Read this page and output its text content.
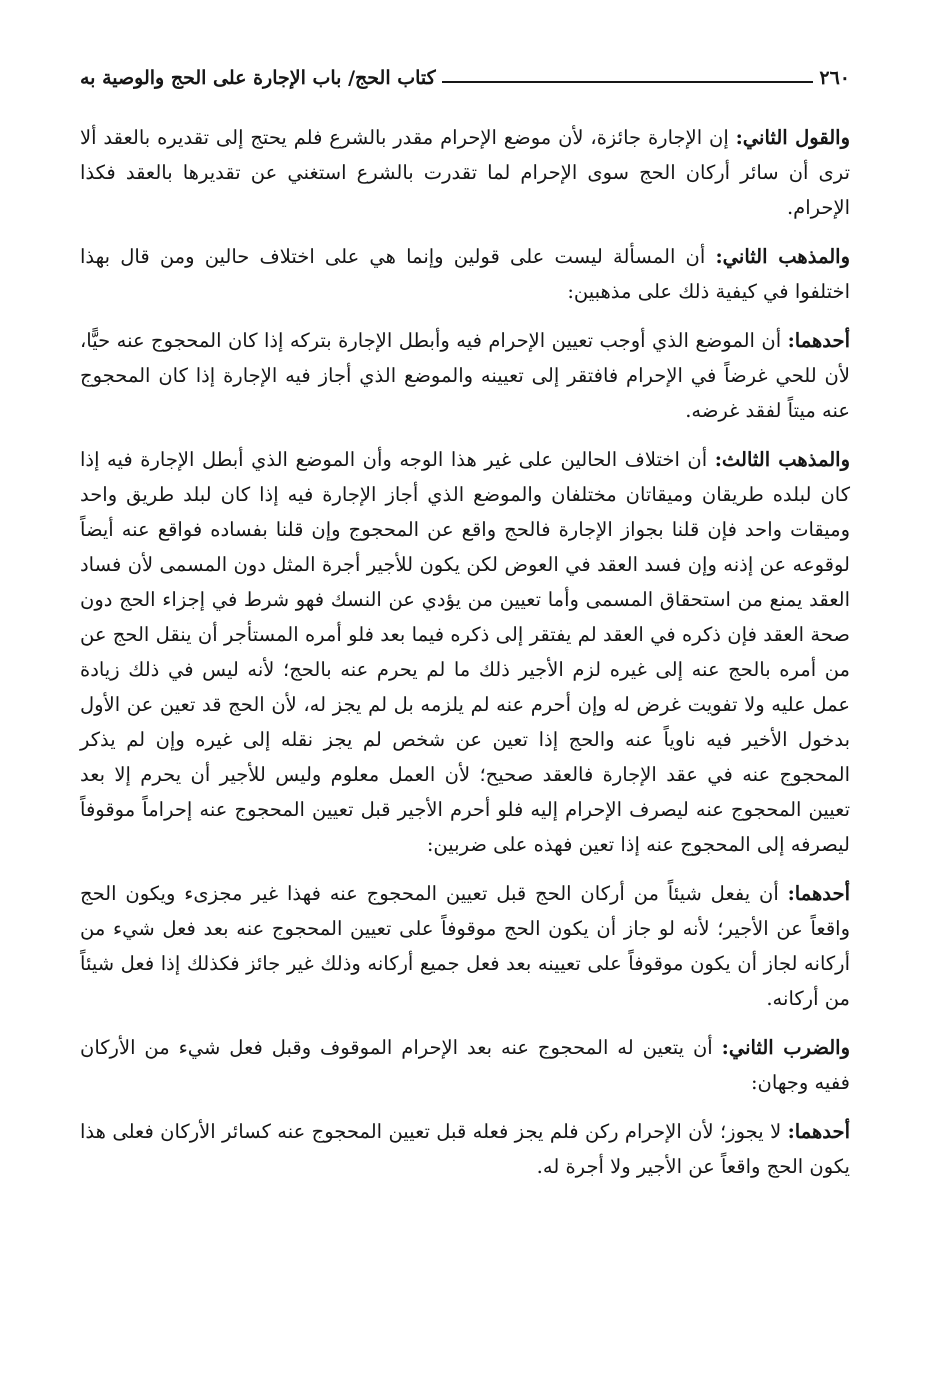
٢٦٠
كتاب الحج/ باب الإجارة على الحج والوصية به

والقول الثاني: إن الإجارة جائزة، لأن موضع الإحرام مقدر بالشرع فلم يحتج إلى تقديره بالعقد ألا ترى أن سائر أركان الحج سوى الإحرام لما تقدرت بالشرع استغني عن تقديرها بالعقد فكذا الإحرام.

والمذهب الثاني: أن المسألة ليست على قولين وإنما هي على اختلاف حالين ومن قال بهذا اختلفوا في كيفية ذلك على مذهبين:

أحدهما: أن الموضع الذي أوجب تعيين الإحرام فيه وأبطل الإجارة بتركه إذا كان المحجوج عنه حيًّا، لأن للحي غرضاً في الإحرام فافتقر إلى تعيينه والموضع الذي أجاز فيه الإجارة إذا كان المحجوج عنه ميتاً لفقد غرضه.

والمذهب الثالث: أن اختلاف الحالين على غير هذا الوجه وأن الموضع الذي أبطل الإجارة فيه إذا كان لبلده طريقان وميقاتان مختلفان والموضع الذي أجاز الإجارة فيه إذا كان لبلد طريق واحد وميقات واحد فإن قلنا بجواز الإجارة فالحج واقع عن المحجوج وإن قلنا بفساده فواقع عنه أيضاً لوقوعه عن إذنه وإن فسد العقد في العوض لكن يكون للأجير أجرة المثل دون المسمى لأن فساد العقد يمنع من استحقاق المسمى وأما تعيين من يؤدي عن النسك فهو شرط في إجزاء الحج دون صحة العقد فإن ذكره في العقد لم يفتقر إلى ذكره فيما بعد فلو أمره المستأجر أن ينقل الحج عن من أمره بالحج عنه إلى غيره لزم الأجير ذلك ما لم يحرم عنه بالحج؛ لأنه ليس في ذلك زيادة عمل عليه ولا تفويت غرض له وإن أحرم عنه لم يلزمه بل لم يجز له، لأن الحج قد تعين عن الأول بدخول الأخير فيه ناوياً عنه والحج إذا تعين عن شخص لم يجز نقله إلى غيره وإن لم يذكر المحجوج عنه في عقد الإجارة فالعقد صحيح؛ لأن العمل معلوم وليس للأجير أن يحرم إلا بعد تعيين المحجوج عنه ليصرف الإحرام إليه فلو أحرم الأجير قبل تعيين المحجوج عنه إحراماً موقوفاً ليصرفه إلى المحجوج عنه إذا تعين فهذه على ضربين:

أحدهما: أن يفعل شيئاً من أركان الحج قبل تعيين المحجوج عنه فهذا غير مجزىء ويكون الحج واقعاً عن الأجير؛ لأنه لو جاز أن يكون الحج موقوفاً على تعيين المحجوج عنه بعد فعل شيء من أركانه لجاز أن يكون موقوفاً على تعيينه بعد فعل جميع أركانه وذلك غير جائز فكذلك إذا فعل شيئاً من أركانه.

والضرب الثاني: أن يتعين له المحجوج عنه بعد الإحرام الموقوف وقبل فعل شيء من الأركان ففيه وجهان:

أحدهما: لا يجوز؛ لأن الإحرام ركن فلم يجز فعله قبل تعيين المحجوج عنه كسائر الأركان فعلى هذا يكون الحج واقعاً عن الأجير ولا أجرة له.
